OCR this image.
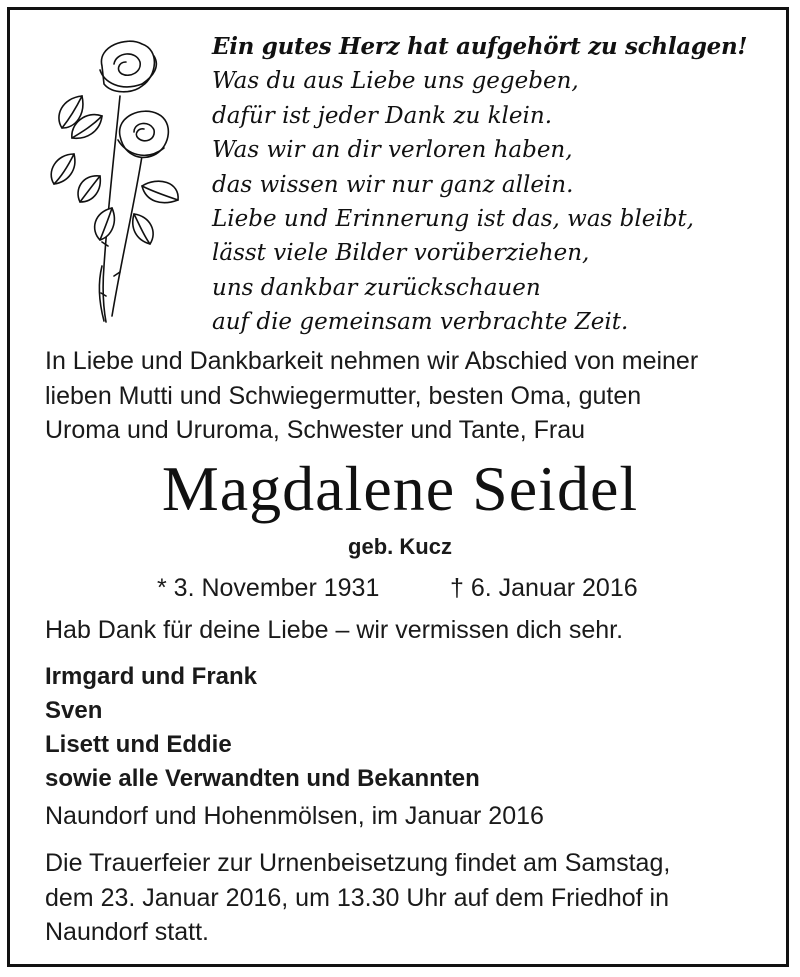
Ein gutes Herz hat aufgehört zu schlagen!
Was du aus Liebe uns gegeben,
dafür ist jeder Dank zu klein.
Was wir an dir verloren haben,
das wissen wir nur ganz allein.
Liebe und Erinnerung ist das, was bleibt,
lässt viele Bilder vorüberziehen,
uns dankbar zurückschauen
auf die gemeinsam verbrachte Zeit.
In Liebe und Dankbarkeit nehmen wir Abschied von meiner
lieben Mutti und Schwiegermutter, besten Oma, guten
Uroma und Ururoma, Schwester und Tante, Frau
Magdalene Seidel
geb. Kucz
* 3. November 1931	† 6. Januar 2016
Hab Dank für deine Liebe – wir vermissen dich sehr.
Irmgard und Frank
Sven
Lisett und Eddie
sowie alle Verwandten und Bekannten
Naundorf und Hohenmölsen, im Januar 2016
Die Trauerfeier zur Urnenbeisetzung findet am Samstag,
dem 23. Januar 2016, um 13.30 Uhr auf dem Friedhof in
Naundorf statt.
